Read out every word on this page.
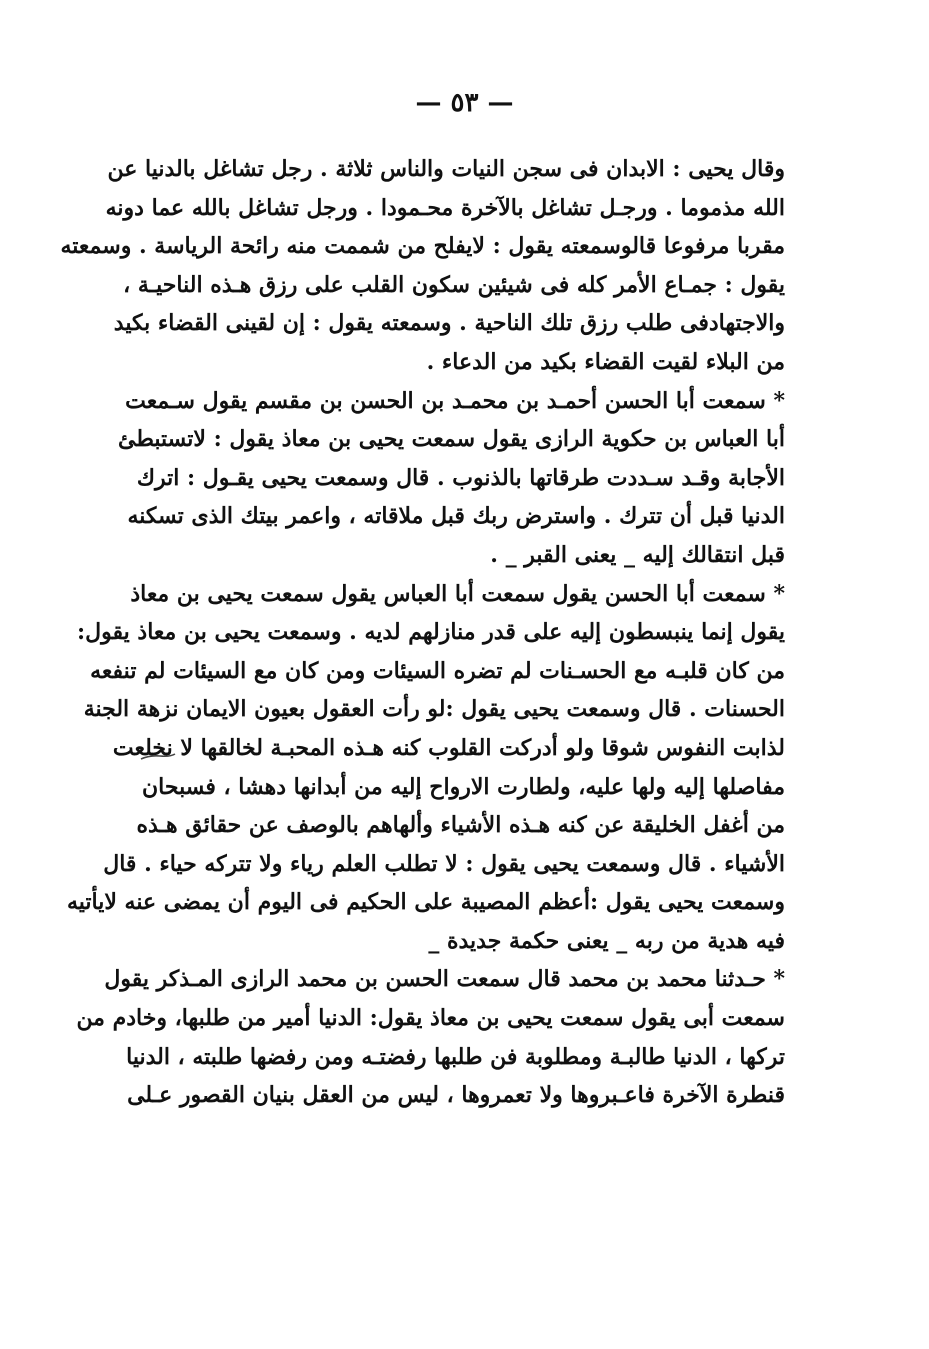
— ٥٣ —
وقال يحيى : الابدان فى سجن النيات والناس ثلاثة . رجل تشاغل بالدنيا عن
الله مذموما . ورجـل تشاغل بالآخرة محـمودا . ورجل تشاغل بالله عما دونه
مقربا مرفوعا قالوسمعته يقول : لايفلح من شممت منه رائحة الرياسة . وسمعته
يقول : جمـاع الأمر كله فى شيئين سكون القلب على رزق هـذه الناحيـة ،
والاجتهادفى طلب رزق تلك الناحية . وسمعته يقول : إن لقينى القضاء بكيد
من البلاء لقيت القضاء بكيد من الدعاء .
* سمعت أبا الحسن أحمـد بن محمـد بن الحسن بن مقسم يقول سـمعت
أبا العباس بن حكوية الرازى يقول سمعت يحيى بن معاذ يقول : لاتستبطئ
الأجابة وقـد سـددت طرقاتها بالذنوب . قال وسمعت يحيى يقـول : اترك
الدنيا قبل أن تترك . واسترض ربك قبل ملاقاته ، واعمر بيتك الذى تسكنه
قبل انتقالك إليه _ يعنى القبر _ .
* سمعت أبا الحسن يقول سمعت أبا العباس يقول سمعت يحيى بن معاذ
يقول إنما ينبسطون إليه على قدر منازلهم لديه . وسمعت يحيى بن معاذ يقول:
من كان قلبـه مع الحسـنات لم تضره السيئات ومن كان مع السيئات لم تنفعه
الحسنات . قال وسمعت يحيى يقول :لو رأت العقول بعيون الايمان نزهة الجنة
لذابت النفوس شوقا ولو أدركت القلوب كنه هـذه المحبـة لخالقها لا نخلعت
مفاصلها إليه ولها عليه، ولطارت الارواح إليه من أبدانها دهشا ، فسبحان
من أغفل الخليقة عن كنه هـذه الأشياء وألهاهم بالوصف عن حقائق هـذه
الأشياء . قال وسمعت يحيى يقول : لا تطلب العلم رياء ولا تتركه حياء . قال
وسمعت يحيى يقول :أعظم المصيبة على الحكيم فى اليوم أن يمضى عنه لايأتيه
فيه هدية من ربه _ يعنى حكمة جديدة _
* حـدثنا محمد بن محمد قال سمعت الحسن بن محمد الرازى المـذكر يقول
سمعت أبى يقول سمعت يحيى بن معاذ يقول: الدنيا أمير من طلبها، وخادم من
تركها ، الدنيا طالبـة ومطلوبة فن طلبها رفضتـه ومن رفضها طلبته ، الدنيا
قنطرة الآخرة فاعـبروها ولا تعمروها ، ليس من العقل بنيان القصور عـلى
